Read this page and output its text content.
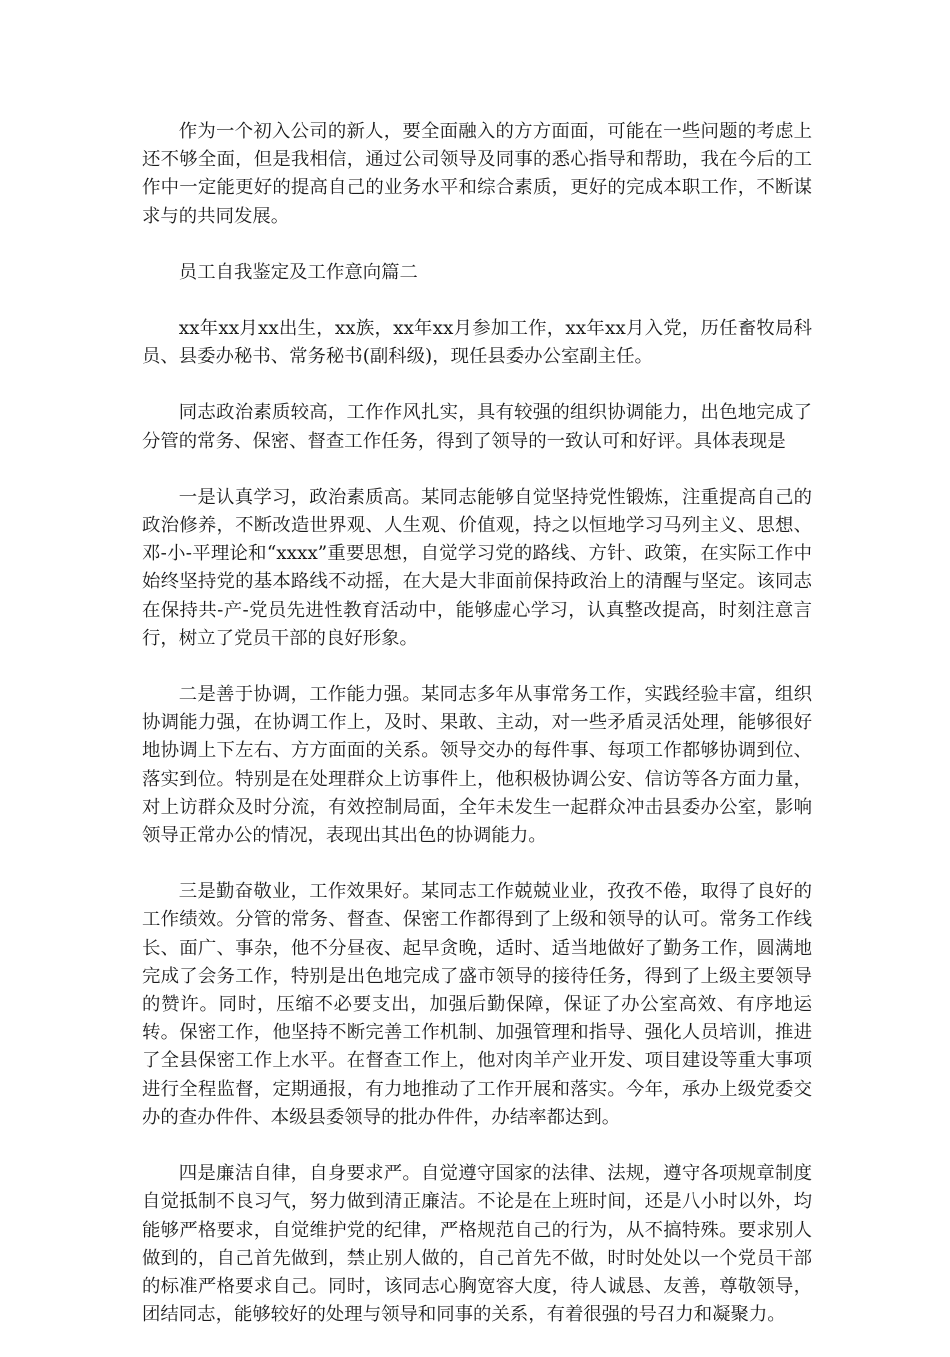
作为一个初入公司的新人，要全面融入的方方面面，可能在一些问题的考虑上还不够全面，但是我相信，通过公司领导及同事的悉心指导和帮助，我在今后的工作中一定能更好的提高自己的业务水平和综合素质，更好的完成本职工作，不断谋求与的共同发展。

员工自我鉴定及工作意向篇二

xx年xx月xx出生，xx族，xx年xx月参加工作，xx年xx月入党，历任畜牧局科员、县委办秘书、常务秘书(副科级)，现任县委办公室副主任。

同志政治素质较高，工作作风扎实，具有较强的组织协调能力，出色地完成了分管的常务、保密、督查工作任务，得到了领导的一致认可和好评。具体表现是

一是认真学习，政治素质高。某同志能够自觉坚持党性锻炼，注重提高自己的政治修养，不断改造世界观、人生观、价值观，持之以恒地学习马列主义、思想、邓-小-平理论和“xxxx”重要思想，自觉学习党的路线、方针、政策，在实际工作中始终坚持党的基本路线不动摇，在大是大非面前保持政治上的清醒与坚定。该同志在保持共-产-党员先进性教育活动中，能够虚心学习，认真整改提高，时刻注意言行，树立了党员干部的良好形象。

二是善于协调，工作能力强。某同志多年从事常务工作，实践经验丰富，组织协调能力强，在协调工作上，及时、果敢、主动，对一些矛盾灵活处理，能够很好地协调上下左右、方方面面的关系。领导交办的每件事、每项工作都够协调到位、落实到位。特别是在处理群众上访事件上，他积极协调公安、信访等各方面力量，对上访群众及时分流，有效控制局面，全年未发生一起群众冲击县委办公室，影响领导正常办公的情况，表现出其出色的协调能力。

三是勤奋敬业，工作效果好。某同志工作兢兢业业，孜孜不倦，取得了良好的工作绩效。分管的常务、督查、保密工作都得到了上级和领导的认可。常务工作线长、面广、事杂，他不分昼夜、起早贪晚，适时、适当地做好了勤务工作，圆满地完成了会务工作，特别是出色地完成了盛市领导的接待任务，得到了上级主要领导的赞许。同时，压缩不必要支出，加强后勤保障，保证了办公室高效、有序地运转。保密工作，他坚持不断完善工作机制、加强管理和指导、强化人员培训，推进了全县保密工作上水平。在督查工作上，他对肉羊产业开发、项目建设等重大事项进行全程监督，定期通报，有力地推动了工作开展和落实。今年，承办上级党委交办的查办件件、本级县委领导的批办件件，办结率都达到。

四是廉洁自律，自身要求严。自觉遵守国家的法律、法规，遵守各项规章制度自觉抵制不良习气，努力做到清正廉洁。不论是在上班时间，还是八小时以外，均能够严格要求，自觉维护党的纪律，严格规范自己的行为，从不搞特殊。要求别人做到的，自己首先做到，禁止别人做的，自己首先不做，时时处处以一个党员干部的标准严格要求自己。同时，该同志心胸宽容大度，待人诚恳、友善，尊敬领导，团结同志，能够较好的处理与领导和同事的关系，有着很强的号召力和凝聚力。
